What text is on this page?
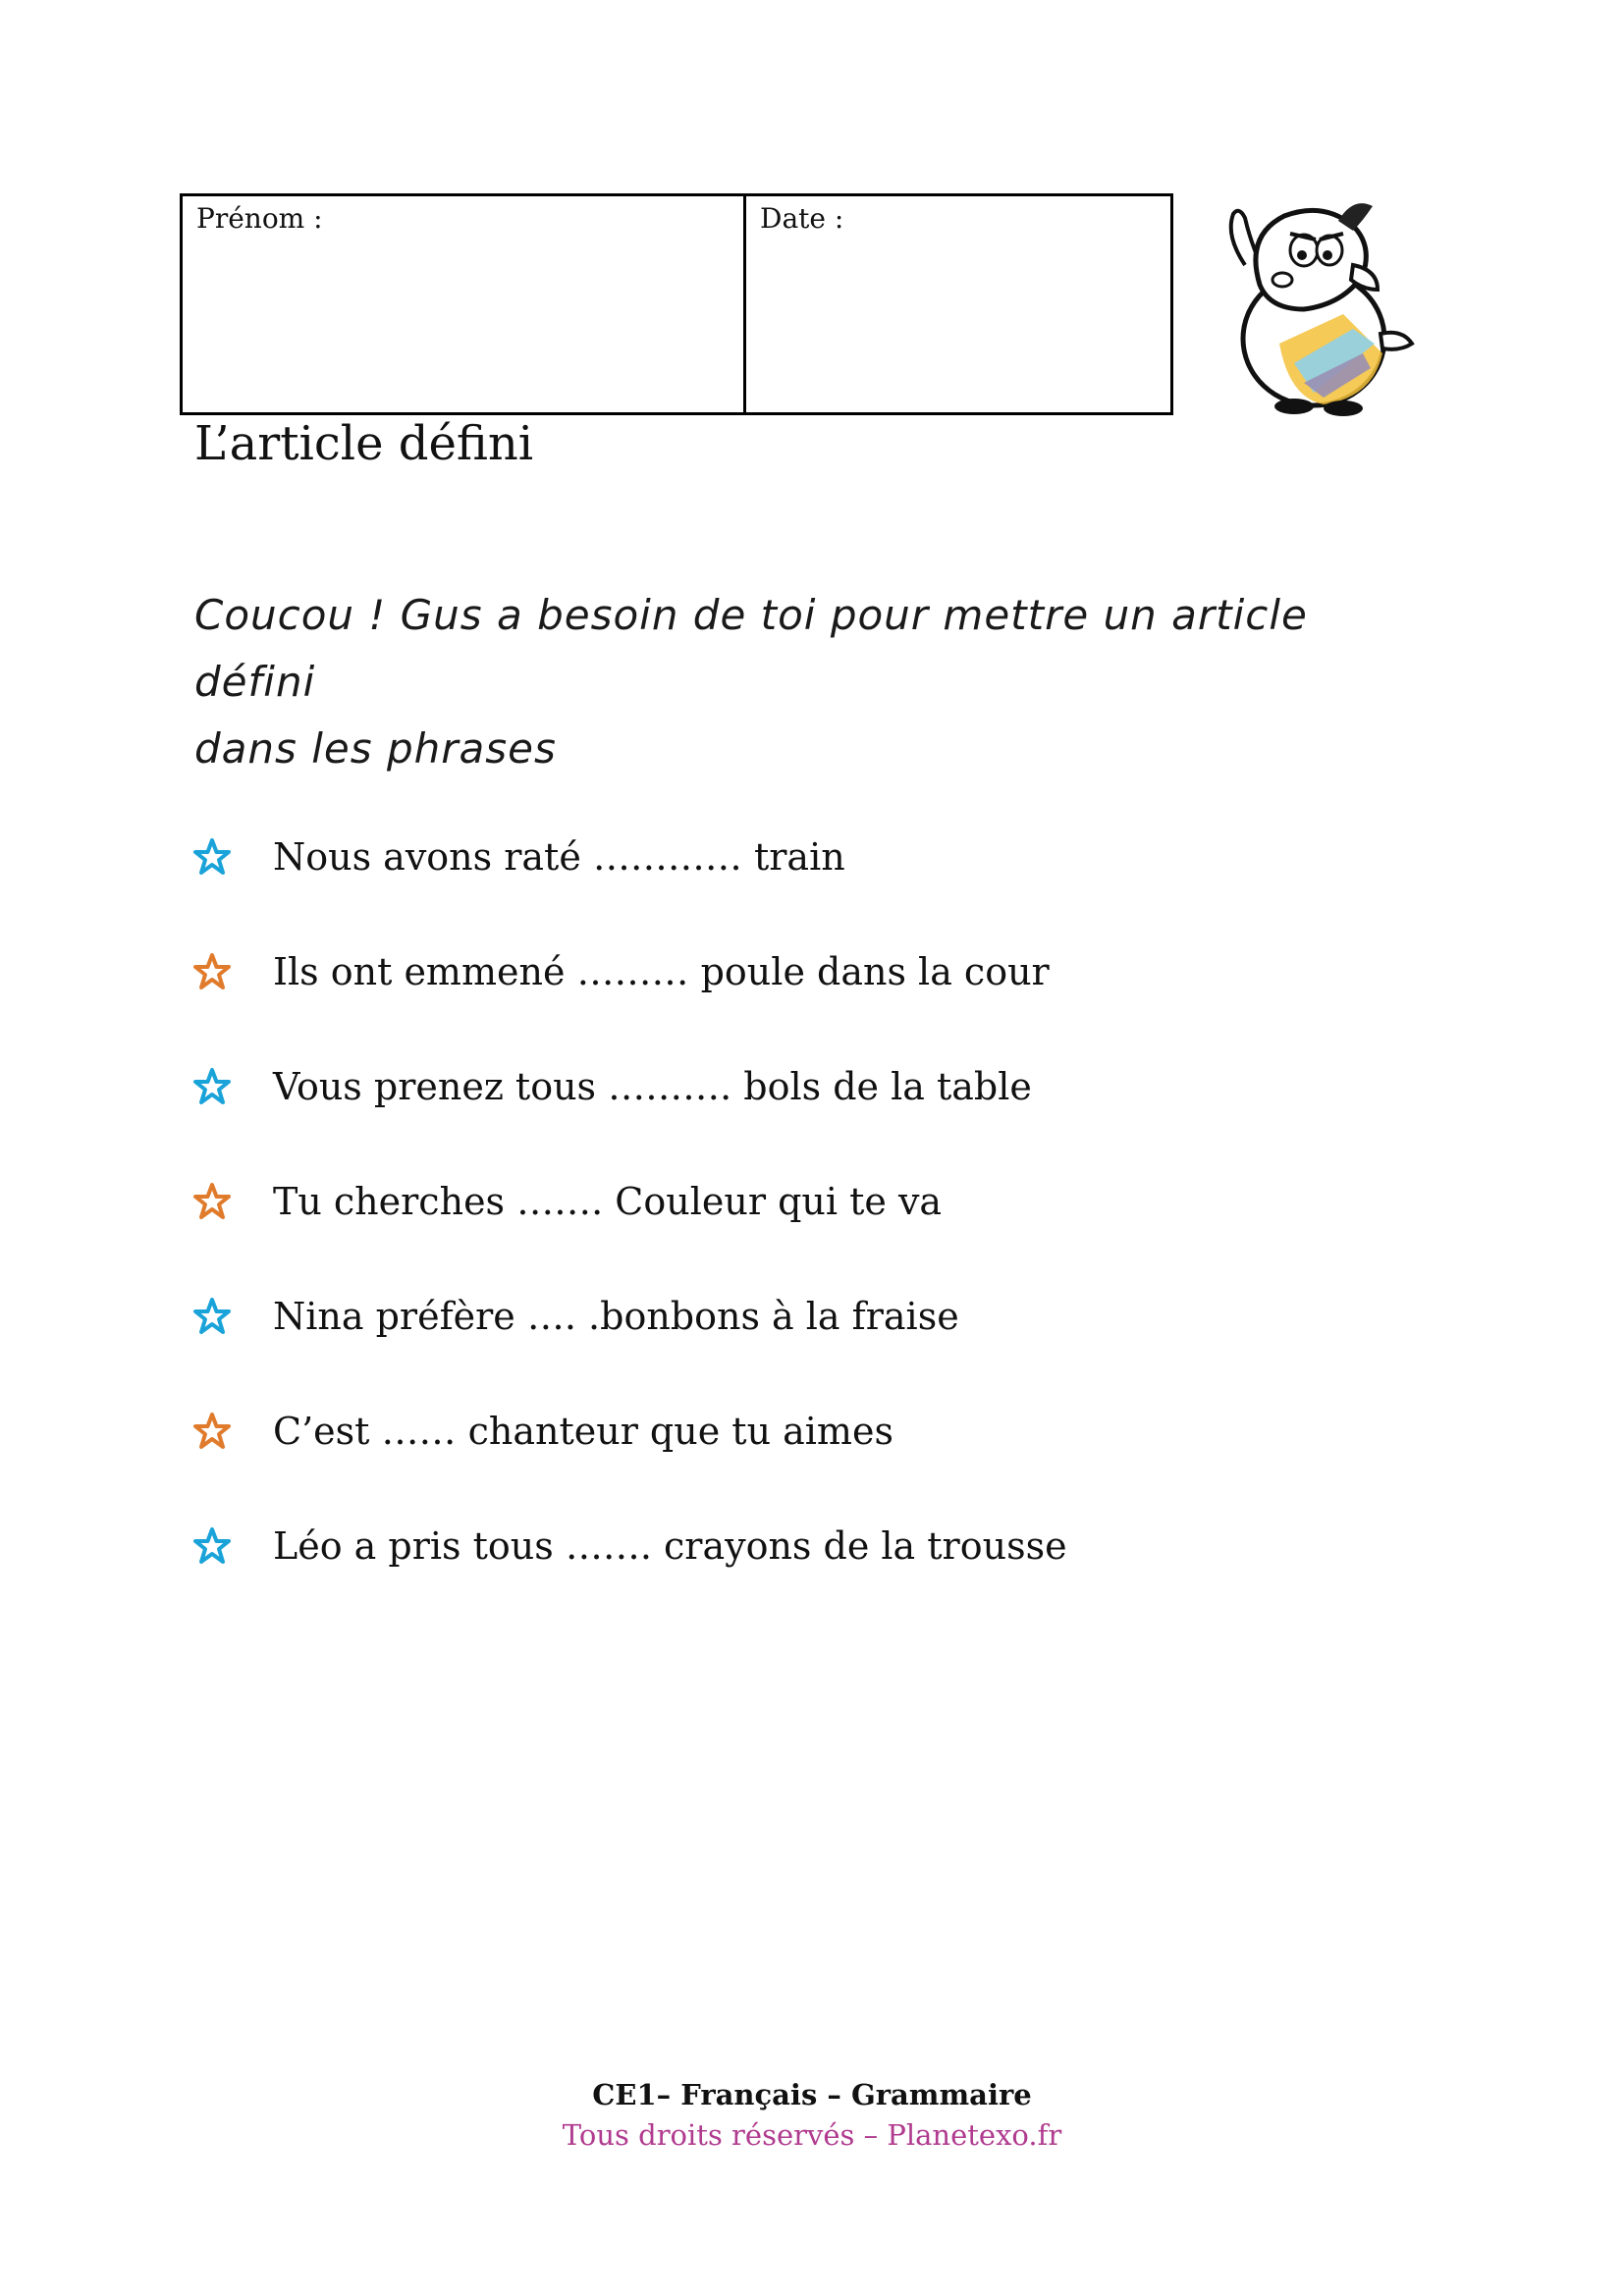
Prénom :	Date :
L’article défini
Coucou ! Gus a besoin de toi pour mettre un article défini
dans les phrases
Nous avons raté ………… train
Ils ont emmené ……… poule dans la cour
Vous prenez tous ………. bols de la table
Tu cherches ……. Couleur qui te va
Nina préfère …. .bonbons à la fraise
C’est …… chanteur que tu aimes
Léo a pris tous ……. crayons de la trousse
CE1– Français – Grammaire
Tous droits réservés – Planetexo.fr
